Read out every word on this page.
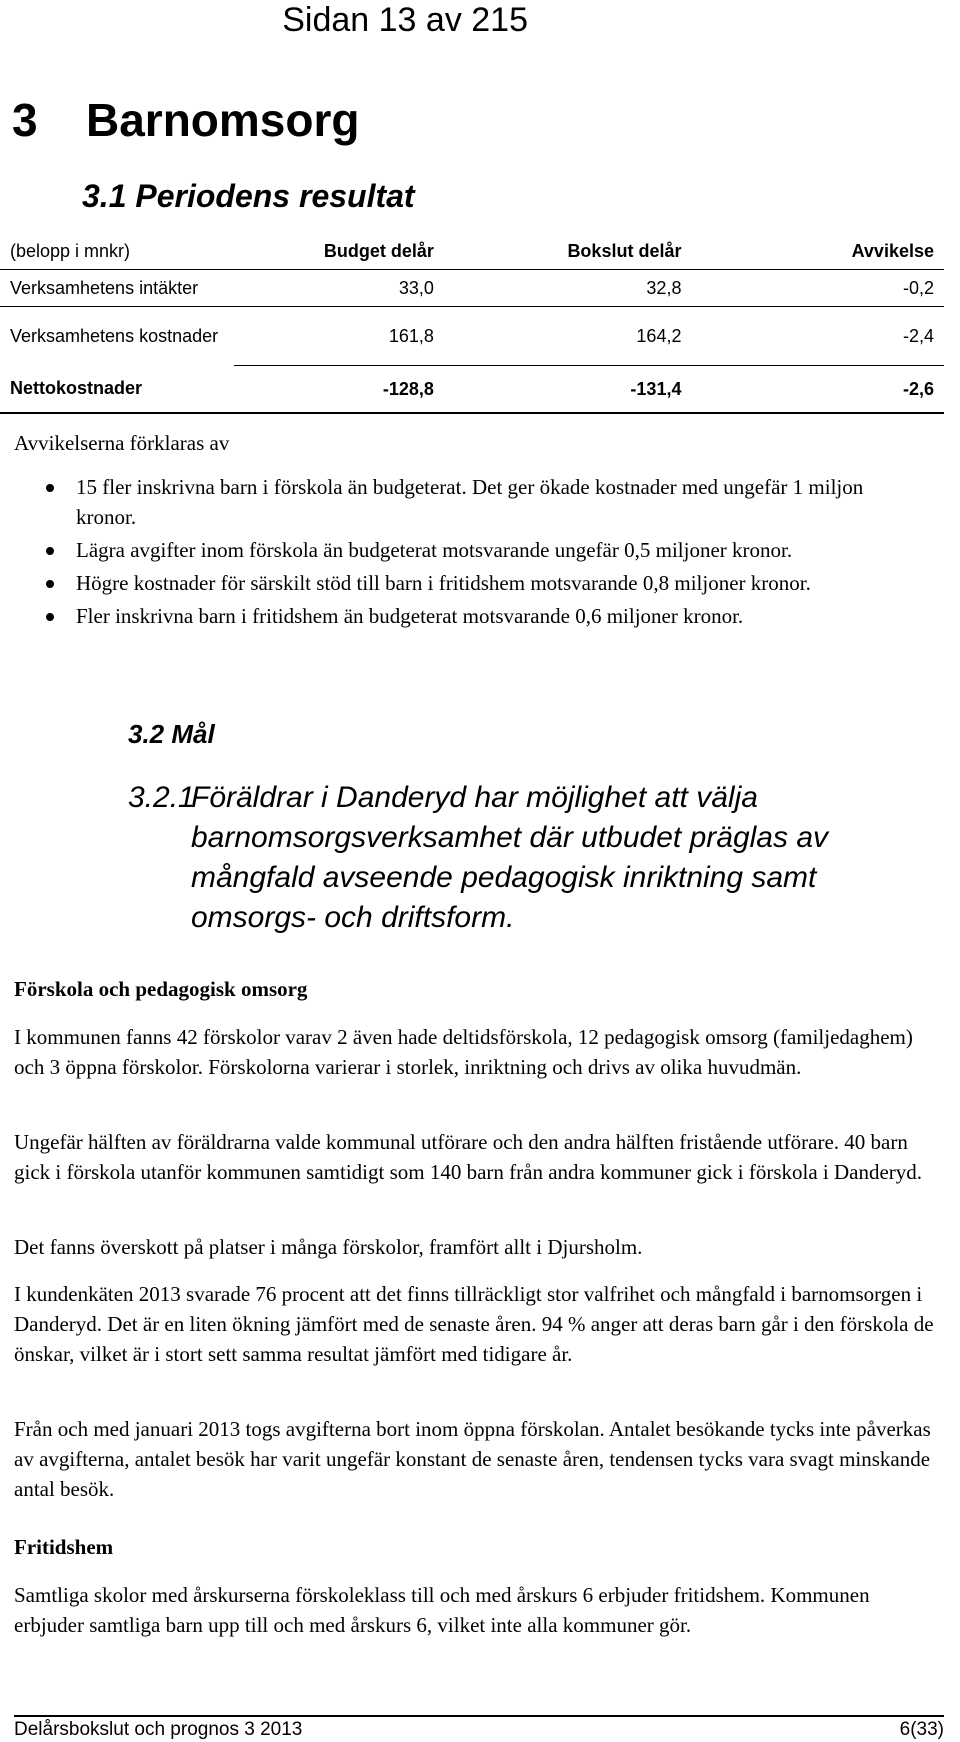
Sidan 13 av 215
3 Barnomsorg
3.1 Periodens resultat
(belopp i mnkr)	Budget delår	Bokslut delår	Avvikelse
Verksamhetens intäkter	33,0	32,8	-0,2
Verksamhetens kostnader	161,8	164,2	-2,4
Nettokostnader	-128,8	-131,4	-2,6
Avvikelserna förklaras av
15 fler inskrivna barn i förskola än budgeterat. Det ger ökade kostnader med ungefär 1 miljon kronor.
Lägra avgifter inom förskola än budgeterat motsvarande ungefär 0,5 miljoner kronor.
Högre kostnader för särskilt stöd till barn i fritidshem motsvarande 0,8 miljoner kronor.
Fler inskrivna barn i fritidshem än budgeterat motsvarande 0,6 miljoner kronor.
3.2 Mål
3.2.1
Föräldrar i Danderyd har möjlighet att välja barnomsorgsverksamhet där utbudet präglas av mångfald avseende pedagogisk inriktning samt omsorgs- och driftsform.
Förskola och pedagogisk omsorg
I kommunen fanns 42 förskolor varav 2 även hade deltidsförskola, 12 pedagogisk omsorg (familjedaghem) och 3 öppna förskolor. Förskolorna varierar i storlek, inriktning och drivs av olika huvudmän.
Ungefär hälften av föräldrarna valde kommunal utförare och den andra hälften fristående utförare. 40 barn gick i förskola utanför kommunen samtidigt som 140 barn från andra kommuner gick i förskola i Danderyd.
Det fanns överskott på platser i många förskolor, framfört allt i Djursholm.
I kundenkäten 2013 svarade 76 procent att det finns tillräckligt stor valfrihet och mångfald i barnomsorgen i Danderyd. Det är en liten ökning jämfört med de senaste åren. 94 % anger att deras barn går i den förskola de önskar, vilket är i stort sett samma resultat jämfört med tidigare år.
Från och med januari 2013 togs avgifterna bort inom öppna förskolan. Antalet besökande tycks inte påverkas av avgifterna, antalet besök har varit ungefär konstant de senaste åren, tendensen tycks vara svagt minskande antal besök.
Fritidshem
Samtliga skolor med årskurserna förskoleklass till och med årskurs 6 erbjuder fritidshem. Kommunen erbjuder samtliga barn upp till och med årskurs 6, vilket inte alla kommuner gör.
Delårsbokslut och prognos 3 2013	6(33)
